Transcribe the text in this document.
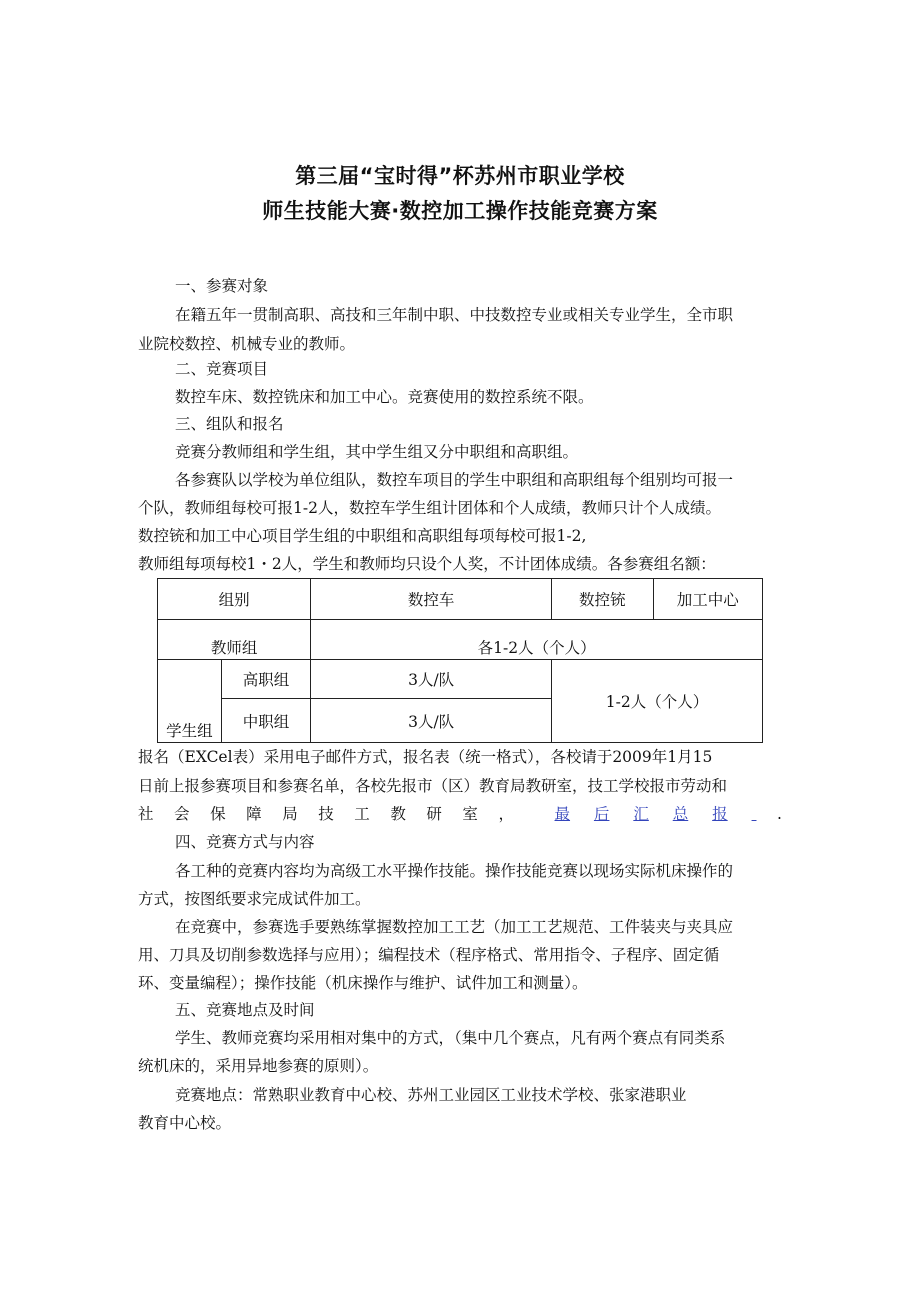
第三届“宝时得”杯苏州市职业学校
师生技能大赛·数控加工操作技能竞赛方案
一、参赛对象
在籍五年一贯制高职、高技和三年制中职、中技数控专业或相关专业学生，全市职
业院校数控、机械专业的教师。
二、竞赛项目
数控车床、数控铣床和加工中心。竞赛使用的数控系统不限。
三、组队和报名
竞赛分教师组和学生组，其中学生组又分中职组和高职组。
各参赛队以学校为单位组队，数控车项目的学生中职组和高职组每个组别均可报一
个队，教师组每校可报1-2人，数控车学生组计团体和个人成绩，教师只计个人成绩。
数控铳和加工中心项目学生组的中职组和高职组每项每校可报1-2,
教师组每项每校1・2人，学生和教师均只设个人奖，不计团体成绩。各参赛组名额：
组别		数控车	数控铳	加工中心
教师组		各1-2人（个人）		
学生组	高职组	3人/队	1-2人（个人）	
	中职组	3人/队		
报名（EXCel表）采用电子邮件方式，报名表（统一格式），各校请于2009年1月15
日前上报参赛项目和参赛名单，各校先报市（区）教育局教研室，技工学校报市劳动和
社 会 保 障 局 技 工 教 研 室 ，	最 后 汇 总 报
	.
四、竞赛方式与内容
各工种的竞赛内容均为高级工水平操作技能。操作技能竞赛以现场实际机床操作的
方式，按图纸要求完成试件加工。
在竞赛中，参赛选手要熟练掌握数控加工工艺（加工工艺规范、工件装夹与夹具应
用、刀具及切削参数选择与应用）；编程技术（程序格式、常用指令、子程序、固定循
环、变量编程）；操作技能（机床操作与维护、试件加工和测量）。
五、竞赛地点及时间
学生、教师竞赛均采用相对集中的方式，（集中几个赛点，凡有两个赛点有同类系
统机床的，采用异地参赛的原则）。
竞赛地点：常熟职业教育中心校、苏州工业园区工业技术学校、张家港职业
教育中心校。
